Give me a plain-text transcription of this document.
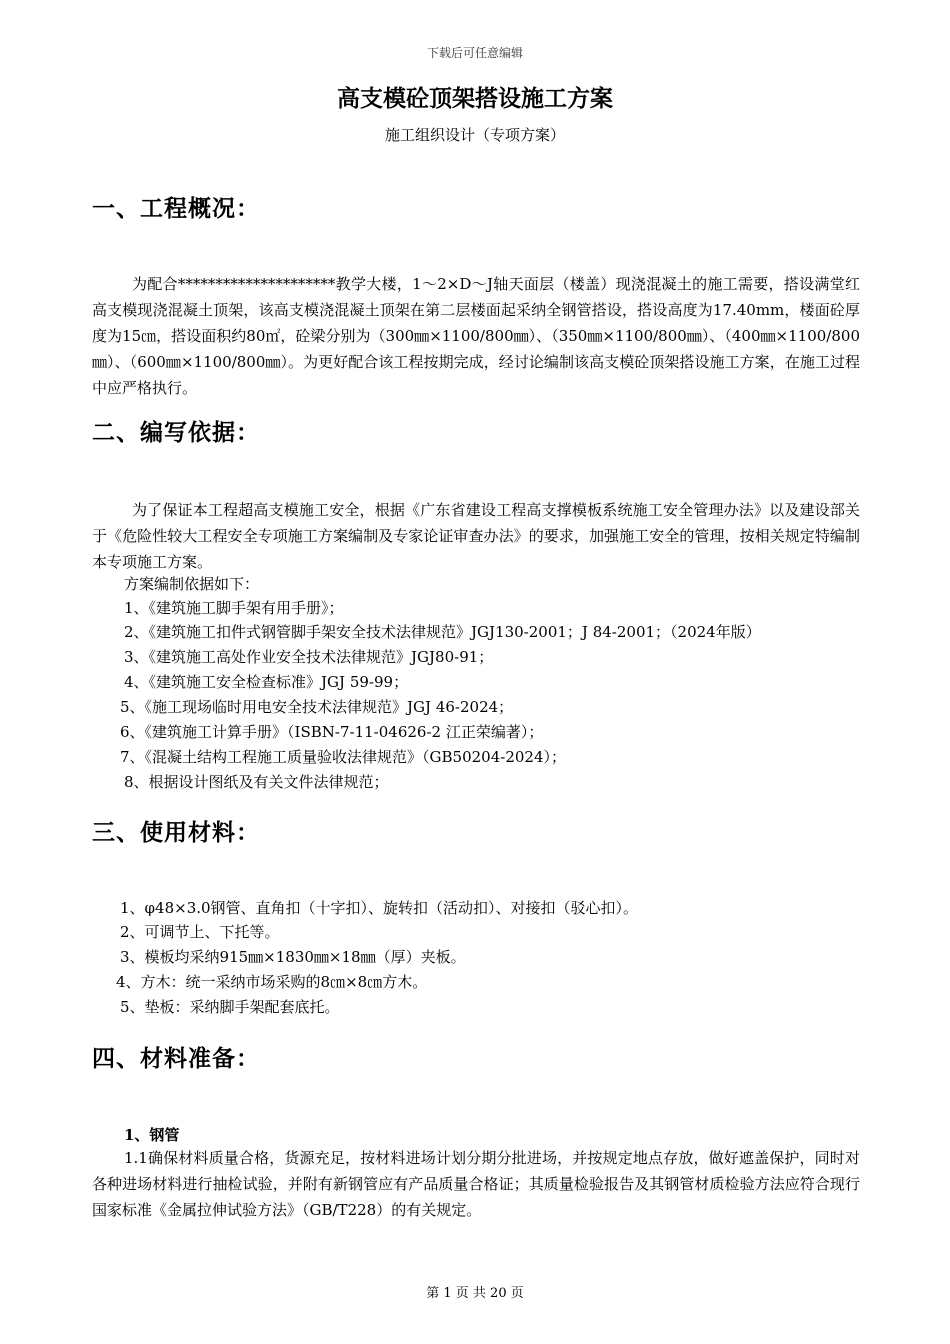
下载后可任意编辑
高支模砼顶架搭设施工方案
施工组织设计（专项方案）
一、工程概况：
为配合*********************教学大楼，1～2×D～J轴天面层（楼盖）现浇混凝土的施工需要，搭设满堂红高支模现浇混凝土顶架，该高支模浇混凝土顶架在第二层楼面起采纳全钢管搭设，搭设高度为17.40mm，楼面砼厚度为15㎝，搭设面积约80㎡，砼梁分别为（300㎜×1100/800㎜）、（350㎜×1100/800㎜）、（400㎜×1100/800㎜）、（600㎜×1100/800㎜）。为更好配合该工程按期完成，经讨论编制该高支模砼顶架搭设施工方案，在施工过程中应严格执行。
二、编写依据：
为了保证本工程超高支模施工安全，根据《广东省建设工程高支撑模板系统施工安全管理办法》以及建设部关于《危险性较大工程安全专项施工方案编制及专家论证审查办法》的要求，加强施工安全的管理，按相关规定特编制本专项施工方案。
方案编制依据如下：
1、《建筑施工脚手架有用手册》；
2、《建筑施工扣件式钢管脚手架安全技术法律规范》JGJ130-2001；J 84-2001；（2024年版）
3、《建筑施工高处作业安全技术法律规范》JGJ80-91；
4、《建筑施工安全检查标准》JGJ 59-99；
5、《施工现场临时用电安全技术法律规范》JGJ 46-2024；
6、《建筑施工计算手册》（ISBN-7-11-04626-2 江正荣编著）；
7、《混凝土结构工程施工质量验收法律规范》（GB50204-2024）；
8、根据设计图纸及有关文件法律规范；
三、使用材料：
1、φ48×3.0钢管、直角扣（十字扣）、旋转扣（活动扣）、对接扣（驳心扣）。
2、可调节上、下托等。
3、模板均采纳915㎜×1830㎜×18㎜（厚）夹板。
4、方木：统一采纳市场采购的8㎝×8㎝方木。
5、垫板：采纳脚手架配套底托。
四、材料准备：
1、钢管
1.1确保材料质量合格，货源充足，按材料进场计划分期分批进场，并按规定地点存放，做好遮盖保护，同时对各种进场材料进行抽检试验，并附有新钢管应有产品质量合格证；其质量检验报告及其钢管材质检验方法应符合现行国家标准《金属拉伸试验方法》（GB/T228）的有关规定。
第 1 页 共 20 页
